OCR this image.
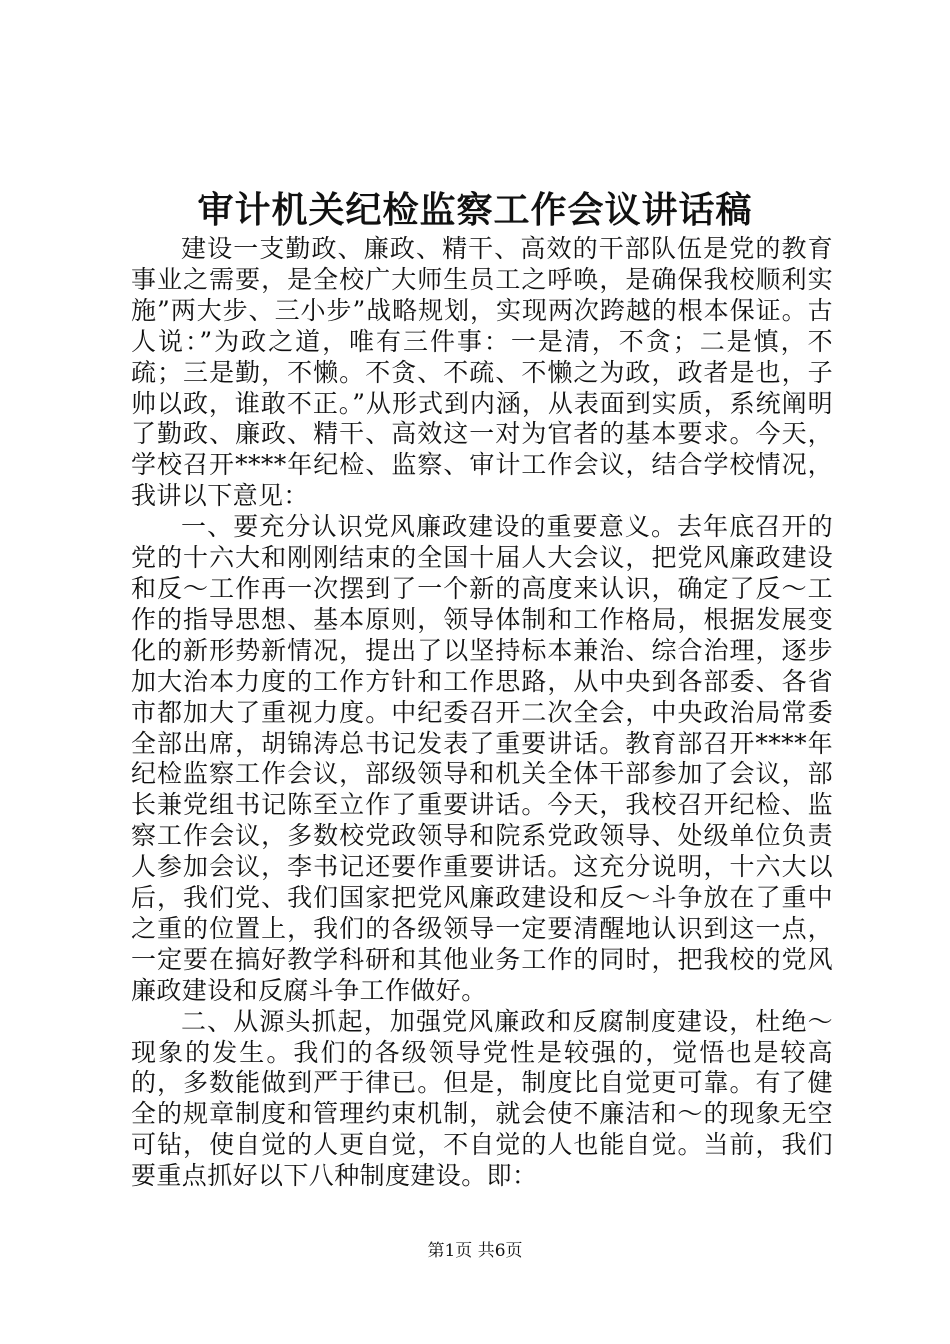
审计机关纪检监察工作会议讲话稿

建设一支勤政、廉政、精干、高效的干部队伍是党的教育事业之需要，是全校广大师生员工之呼唤，是确保我校顺利实施”两大步、三小步”战略规划，实现两次跨越的根本保证。古人说：”为政之道，唯有三件事：一是清，不贪；二是慎，不疏；三是勤，不懒。不贪、不疏、不懒之为政，政者是也，子帅以政，谁敢不正。”从形式到内涵，从表面到实质，系统阐明了勤政、廉政、精干、高效这一对为官者的基本要求。今天，学校召开****年纪检、监察、审计工作会议，结合学校情况，我讲以下意见：

一、要充分认识党风廉政建设的重要意义。去年底召开的党的十六大和刚刚结束的全国十届人大会议，把党风廉政建设和反～工作再一次摆到了一个新的高度来认识，确定了反～工作的指导思想、基本原则，领导体制和工作格局，根据发展变化的新形势新情况，提出了以坚持标本兼治、综合治理，逐步加大治本力度的工作方针和工作思路，从中央到各部委、各省市都加大了重视力度。中纪委召开二次全会，中央政治局常委全部出席，胡锦涛总书记发表了重要讲话。教育部召开****年纪检监察工作会议，部级领导和机关全体干部参加了会议，部长兼党组书记陈至立作了重要讲话。今天，我校召开纪检、监察工作会议，多数校党政领导和院系党政领导、处级单位负责人参加会议，李书记还要作重要讲话。这充分说明，十六大以后，我们党、我们国家把党风廉政建设和反～斗争放在了重中之重的位置上，我们的各级领导一定要清醒地认识到这一点，一定要在搞好教学科研和其他业务工作的同时，把我校的党风廉政建设和反腐斗争工作做好。

二、从源头抓起，加强党风廉政和反腐制度建设，杜绝～现象的发生。我们的各级领导党性是较强的，觉悟也是较高的，多数能做到严于律已。但是，制度比自觉更可靠。有了健全的规章制度和管理约束机制，就会使不廉洁和～的现象无空可钻，使自觉的人更自觉，不自觉的人也能自觉。当前，我们要重点抓好以下八种制度建设。即：

第1页 共6页
